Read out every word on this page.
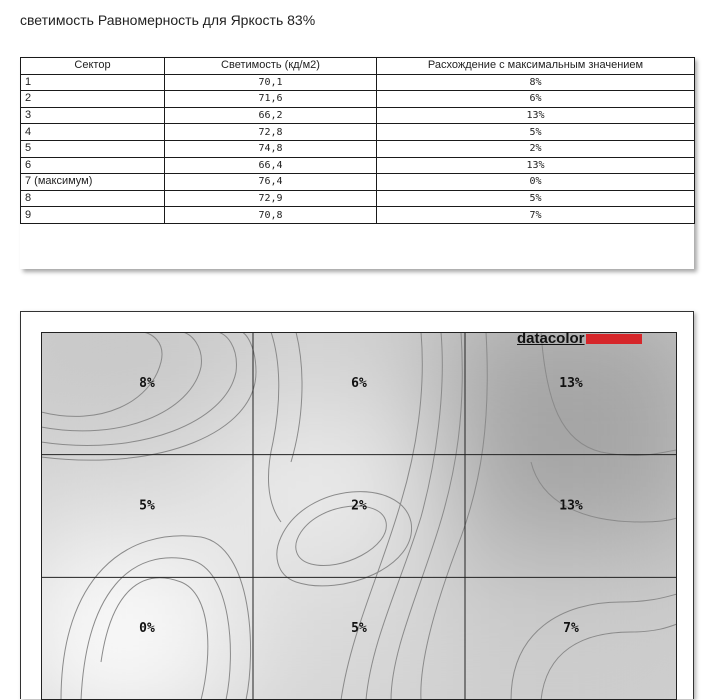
светимость Равномерность для Яркость 83%
Сектор	Светимость (кд/м2)	Расхождение с максимальным значением
1	70,1	8%
2	71,6	6%
3	66,2	13%
4	72,8	5%
5	74,8	2%
6	66,4	13%
7 (максимум)	76,4	0%
8	72,9	5%
9	70,8	7%
8%	6%	13%
5%	2%	13%
0%	5%	7%
datacolor
